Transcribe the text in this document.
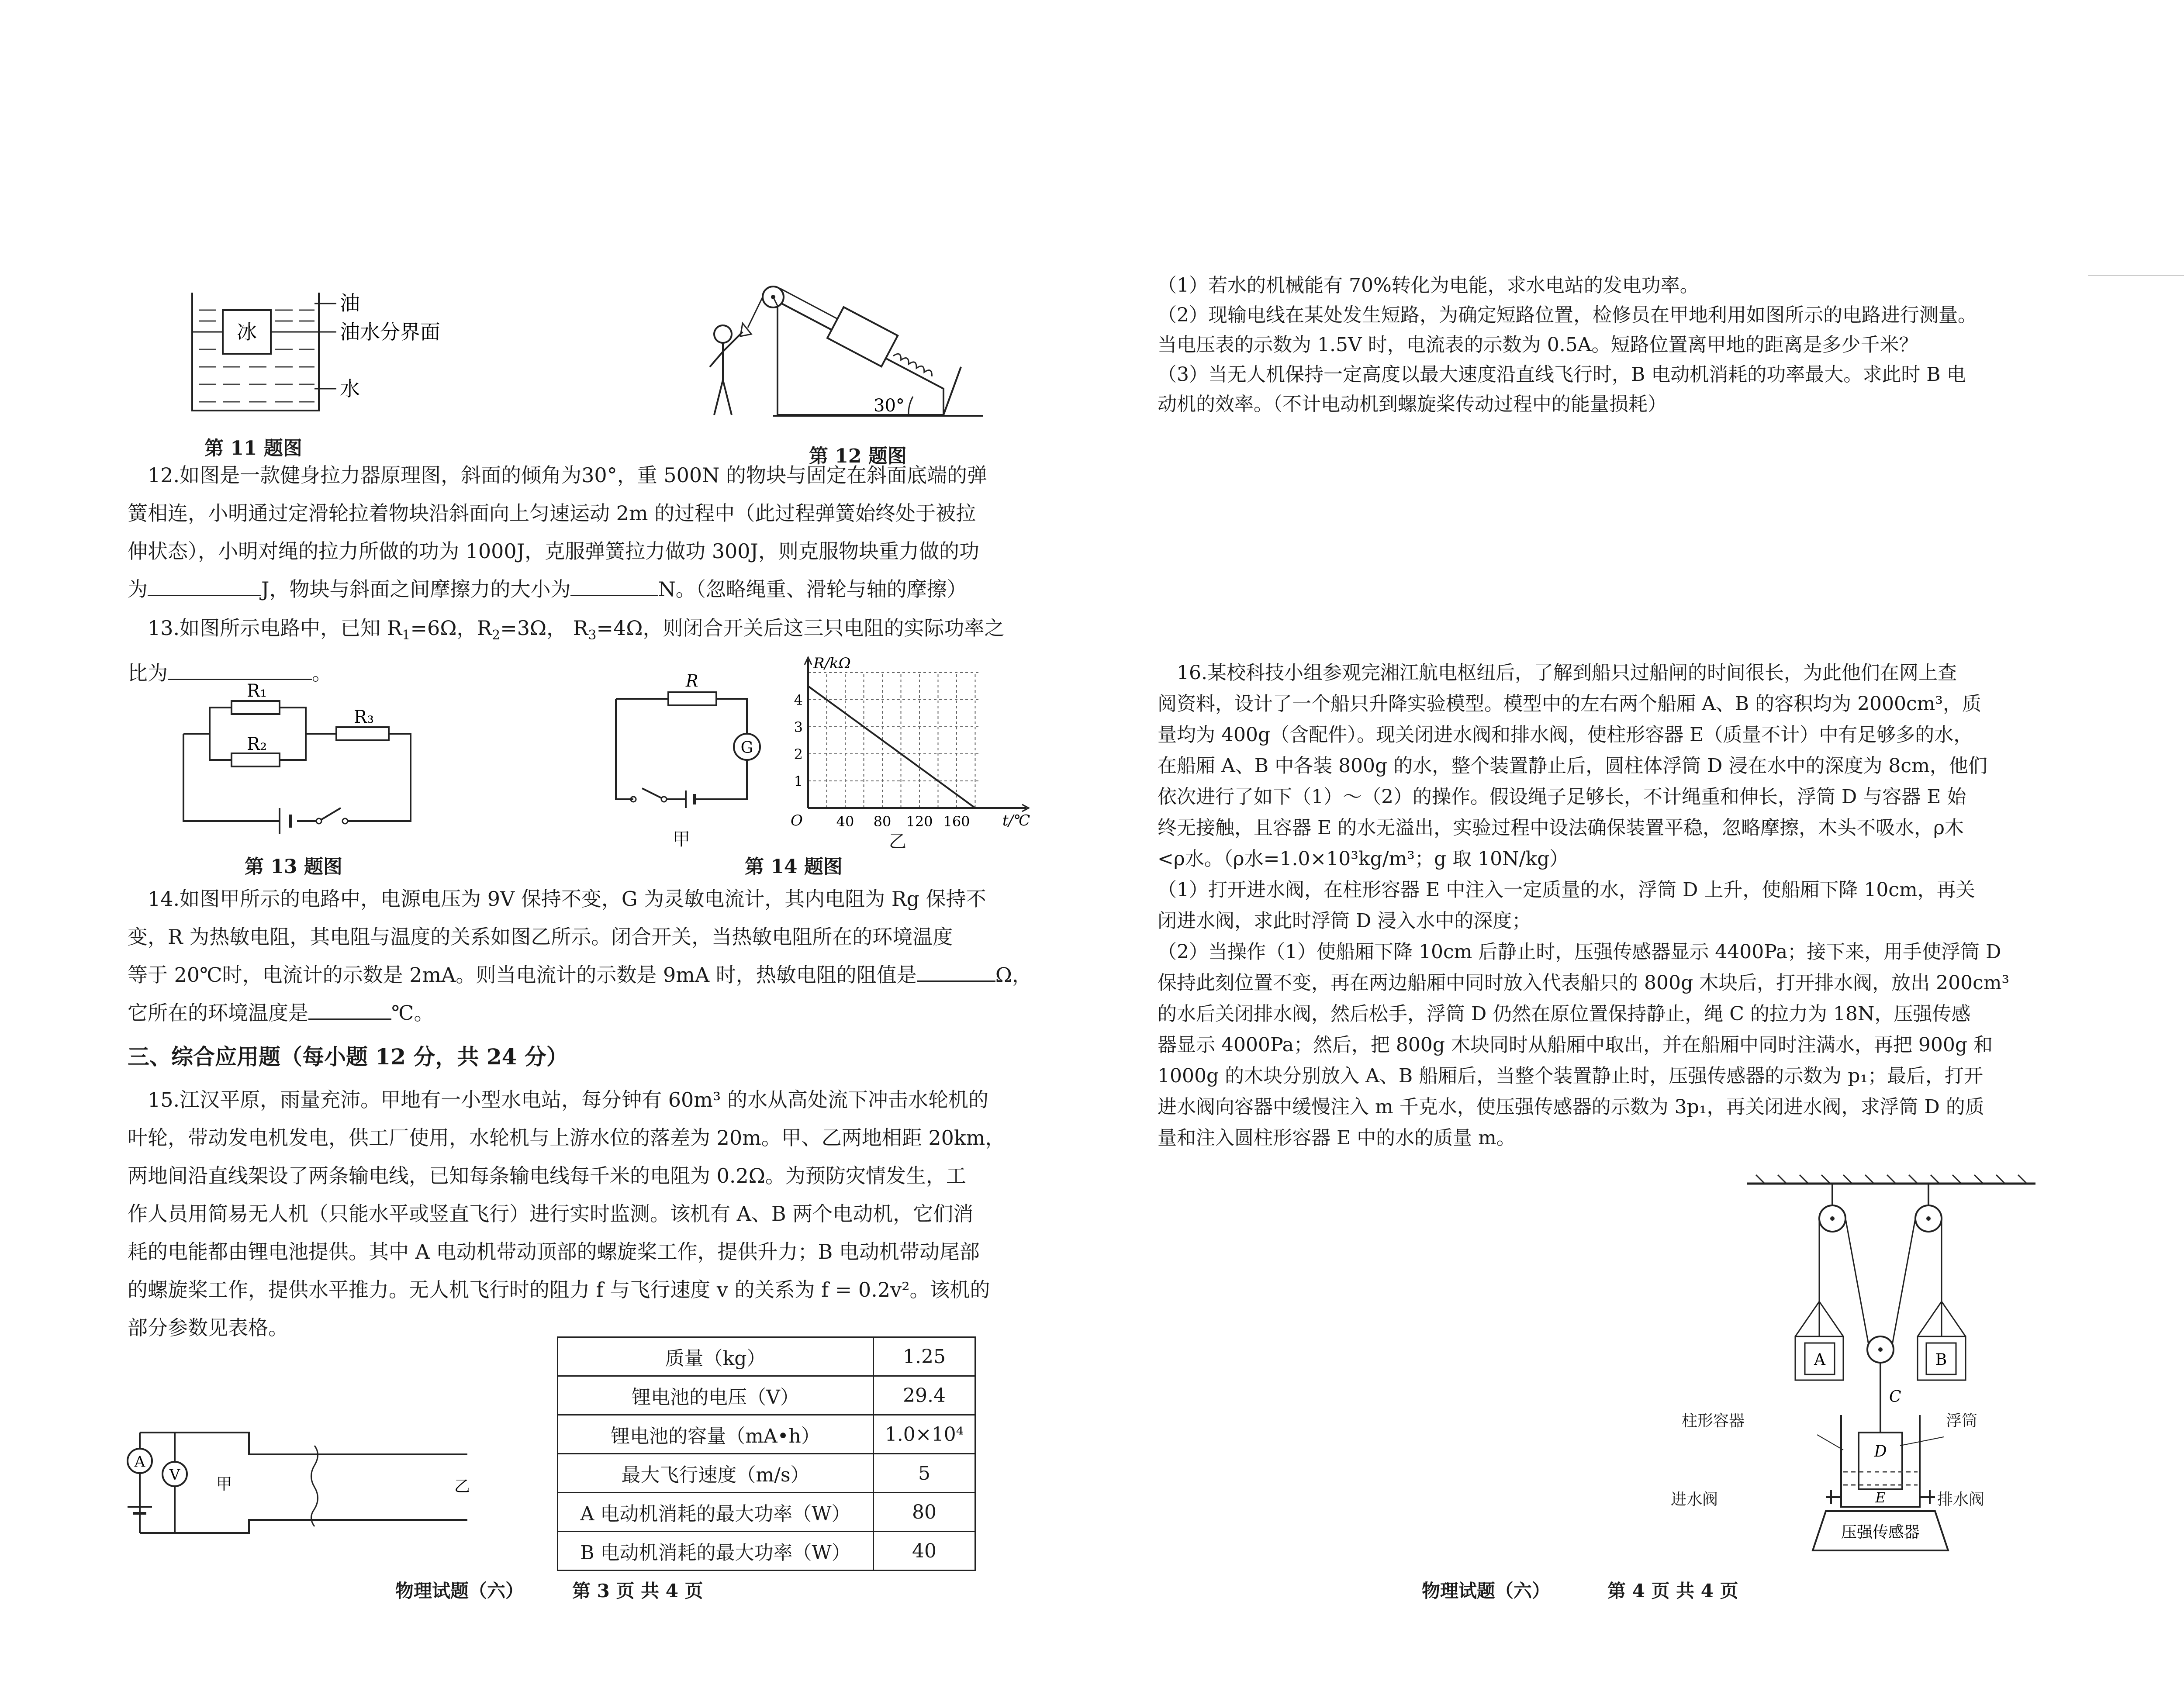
冰
油
油水分界面
水
第 11 题图
30°
第 12 题图
12.如图是一款健身拉力器原理图，斜面的倾角为30°，重 500N 的物块与固定在斜面底端的弹
簧相连，小明通过定滑轮拉着物块沿斜面向上匀速运动 2m 的过程中（此过程弹簧始终处于被拉
伸状态），小明对绳的拉力所做的功为 1000J，克服弹簧拉力做功 300J，则克服物块重力做的功
为	J，物块与斜面之间摩擦力的大小为	N。（忽略绳重、滑轮与轴的摩擦）
13.如图所示电路中，已知 $R_1=6\Omega$，$R_2=3\Omega$， $R_3=4\Omega$，则闭合开关后这三只电阻的实际功率之
比为	。
R₁
R₂
R₃
第 13 题图
G
R
甲
1
2
3
4
40 80 120 160
R/kΩ
t/℃
O
乙
第 14 题图
14.如图甲所示的电路中，电源电压为 9V 保持不变，G 为灵敏电流计，其内电阻为 Rg 保持不
变，R 为热敏电阻，其电阻与温度的关系如图乙所示。闭合开关，当热敏电阻所在的环境温度
等于 20℃时，电流计的示数是 2mA。则当电流计的示数是 9mA 时，热敏电阻的阻值是	Ω，
它所在的环境温度是	℃。
三、综合应用题（每小题 12 分，共 24 分）
15.江汉平原，雨量充沛。甲地有一小型水电站，每分钟有 60m³ 的水从高处流下冲击水轮机的
叶轮，带动发电机发电，供工厂使用，水轮机与上游水位的落差为 20m。甲、乙两地相距 20km，
两地间沿直线架设了两条输电线，已知每条输电线每千米的电阻为 0.2Ω。为预防灾情发生，工
作人员用简易无人机（只能水平或竖直飞行）进行实时监测。该机有 A、B 两个电动机，它们消
耗的电能都由锂电池提供。其中 A 电动机带动顶部的螺旋桨工作，提供升力；B 电动机带动尾部
的螺旋桨工作，提供水平推力。无人机飞行时的阻力 f 与飞行速度 v 的关系为 f = 0.2v²。该机的
部分参数见表格。
A
V
甲	乙
质量（kg）	1.25
锂电池的电压（V）	29.4
锂电池的容量（mA•h）	1.0×10⁴
最大飞行速度（m/s）	5
A 电动机消耗的最大功率（W）	80
B 电动机消耗的最大功率（W）	40
物理试题（六）	第 3 页 共 4 页
（1）若水的机械能有 70%转化为电能，求水电站的发电功率。
（2）现输电线在某处发生短路，为确定短路位置，检修员在甲地利用如图所示的电路进行测量。
当电压表的示数为 1.5V 时，电流表的示数为 0.5A。短路位置离甲地的距离是多少千米？
（3）当无人机保持一定高度以最大速度沿直线飞行时，B 电动机消耗的功率最大。求此时 B 电
动机的效率。（不计电动机到螺旋桨传动过程中的能量损耗）
16.某校科技小组参观完湘江航电枢纽后，了解到船只过船闸的时间很长，为此他们在网上查
阅资料，设计了一个船只升降实验模型。模型中的左右两个船厢 A、B 的容积均为 2000cm³，质
量均为 400g（含配件）。现关闭进水阀和排水阀，使柱形容器 E（质量不计）中有足够多的水，
在船厢 A、B 中各装 800g 的水，整个装置静止后，圆柱体浮筒 D 浸在水中的深度为 8cm，他们
依次进行了如下（1）～（2）的操作。假设绳子足够长，不计绳重和伸长，浮筒 D 与容器 E 始
终无接触，且容器 E 的水无溢出，实验过程中设法确保装置平稳，忽略摩擦，木头不吸水，ρ木
<ρ水。（ρ水=1.0×10³kg/m³；g 取 10N/kg）
（1）打开进水阀，在柱形容器 E 中注入一定质量的水，浮筒 D 上升，使船厢下降 10cm，再关
闭进水阀，求此时浮筒 D 浸入水中的深度；
（2）当操作（1）使船厢下降 10cm 后静止时，压强传感器显示 4400Pa；接下来，用手使浮筒 D
保持此刻位置不变，再在两边船厢中同时放入代表船只的 800g 木块后，打开排水阀，放出 200cm³
的水后关闭排水阀，然后松手，浮筒 D 仍然在原位置保持静止，绳 C 的拉力为 18N，压强传感
器显示 4000Pa；然后，把 800g 木块同时从船厢中取出，并在船厢中同时注满水，再把 900g 和
1000g 的木块分别放入 A、B 船厢后，当整个装置静止时，压强传感器的示数为 p₁；最后，打开
进水阀向容器中缓慢注入 m 千克水，使压强传感器的示数为 3p₁，再关闭进水阀，求浮筒 D 的质
量和注入圆柱形容器 E 中的水的质量 m。
A	B
C
D
E
压强传感器
柱形容器	浮筒
进水阀	排水阀
物理试题（六）	第 4 页 共 4 页
